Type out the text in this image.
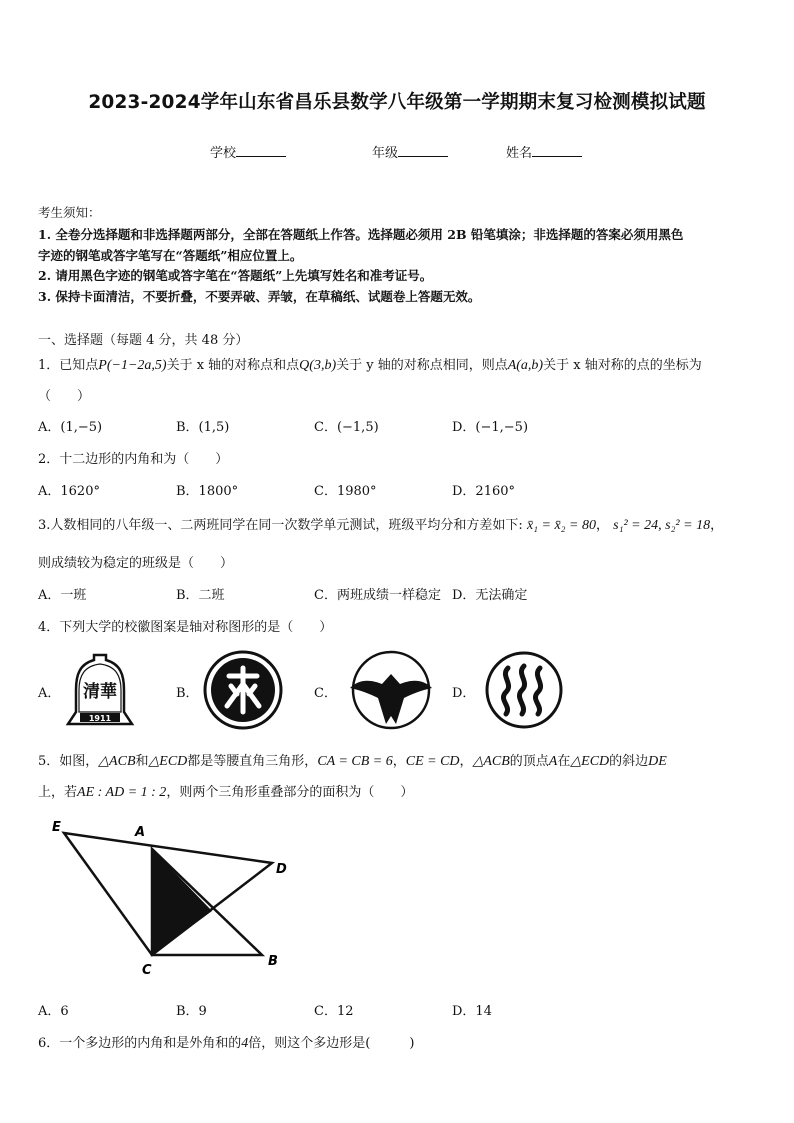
2023-2024学年山东省昌乐县数学八年级第一学期期末复习检测模拟试题
学校	年级	姓名
考生须知：
1. 全卷分选择题和非选择题两部分，全部在答题纸上作答。选择题必须用 2B 铅笔填涂；非选择题的答案必须用黑色
字迹的钢笔或答字笔写在“答题纸”相应位置上。
2. 请用黑色字迹的钢笔或答字笔在“答题纸”上先填写姓名和准考证号。
3. 保持卡面清洁，不要折叠，不要弄破、弄皱，在草稿纸、试题卷上答题无效。
一、选择题（每题 4 分，共 48 分）
1．已知点P(−1−2a,5)关于 x 轴的对称点和点Q(3,b)关于 y 轴的对称点相同，则点A(a,b)关于 x 轴对称的点的坐标为
（　　）
A．(1,−5)	B．(1,5)	C．(−1,5)	D．(−1,−5)
2．十二边形的内角和为（　　）
A．1620°	B．1800°	C．1980°	D．2160°
3.人数相同的八年级一、二两班同学在同一次数学单元测试，班级平均分和方差如下: x̄₁ = x̄₂ = 80， s₁² = 24, s₂² = 18，
则成绩较为稳定的班级是（　　）
A．一班	B．二班	C．两班成绩一样稳定 D．无法确定
4．下列大学的校徽图案是轴对称图形的是（　　）
A．	B．	C．	D．
清華
1911
5．如图，△ACB和△ECD都是等腰直角三角形，CA = CB = 6，CE = CD，△ACB的顶点A在△ECD的斜边DE
上，若AE : AD = 1 : 2，则两个三角形重叠部分的面积为（　　）
E	A
D
C
B
A．6	B．9	C．12	D．14
6．一个多边形的内角和是外角和的4倍，则这个多边形是(　　　)
